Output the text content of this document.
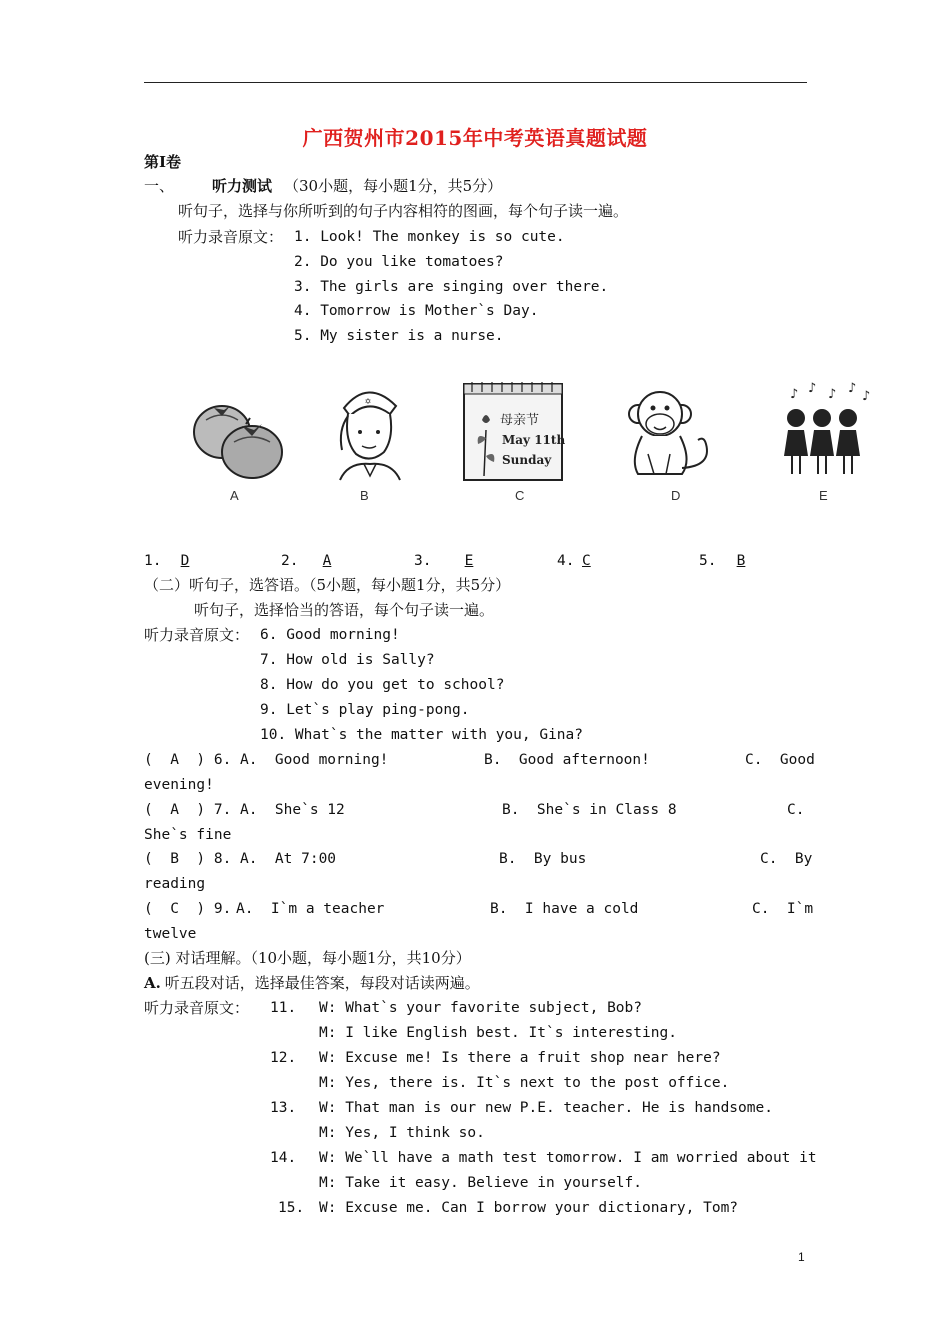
广西贺州市2015年中考英语真题试题
第Ⅰ卷
一、	听力测试 （30小题，每小题1分，共5分）
听句子，选择与你所听到的句子内容相符的图画，每个句子读一遍。
听力录音原文： 1. Look! The monkey is so cute.
2. Do you like tomatoes?
3. The girls are singing over there.
4. Tomorrow is Mother`s Day.
5. My sister is a nurse.
✡
母亲节
May 11th
Sunday
♪ ♪ ♪ ♪
♪
A	B	C	D	E
1.	D	2.	A	3.	E	4. C	5.	B
（二）听句子，选答语。（5小题，每小题1分，共5分）
听句子，选择恰当的答语，每个句子读一遍。
听力录音原文： 6. Good morning!
7. How old is Sally?
8. How do you get to school?
9. Let`s play ping-pong.
10. What`s the matter with you, Gina?
(  A  ) 6. A.  Good morning!	B.  Good afternoon!	C.  Good
evening!
(  A  ) 7. A.  She`s 12	B.  She`s in Class 8	C.
She`s fine
(  B  ) 8. A.  At 7:00	B.  By bus	C.  By
reading
(  C  ) 9. A.  I`m a teacher	B.  I have a cold	C.  I`m
twelve
(三) 对话理解。（10小题，每小题1分，共10分）
A. 听五段对话，选择最佳答案，每段对话读两遍。
听力录音原文： 11. W: What`s your favorite subject, Bob?
M: I like English best. It`s interesting.
12. W: Excuse me! Is there a fruit shop near here?
M: Yes, there is. It`s next to the post office.
13. W: That man is our new P.E. teacher. He is handsome.
M: Yes, I think so.
14. W: We`ll have a math test tomorrow. I am worried about it
M: Take it easy. Believe in yourself.
15. W: Excuse me. Can I borrow your dictionary, Tom?
1
